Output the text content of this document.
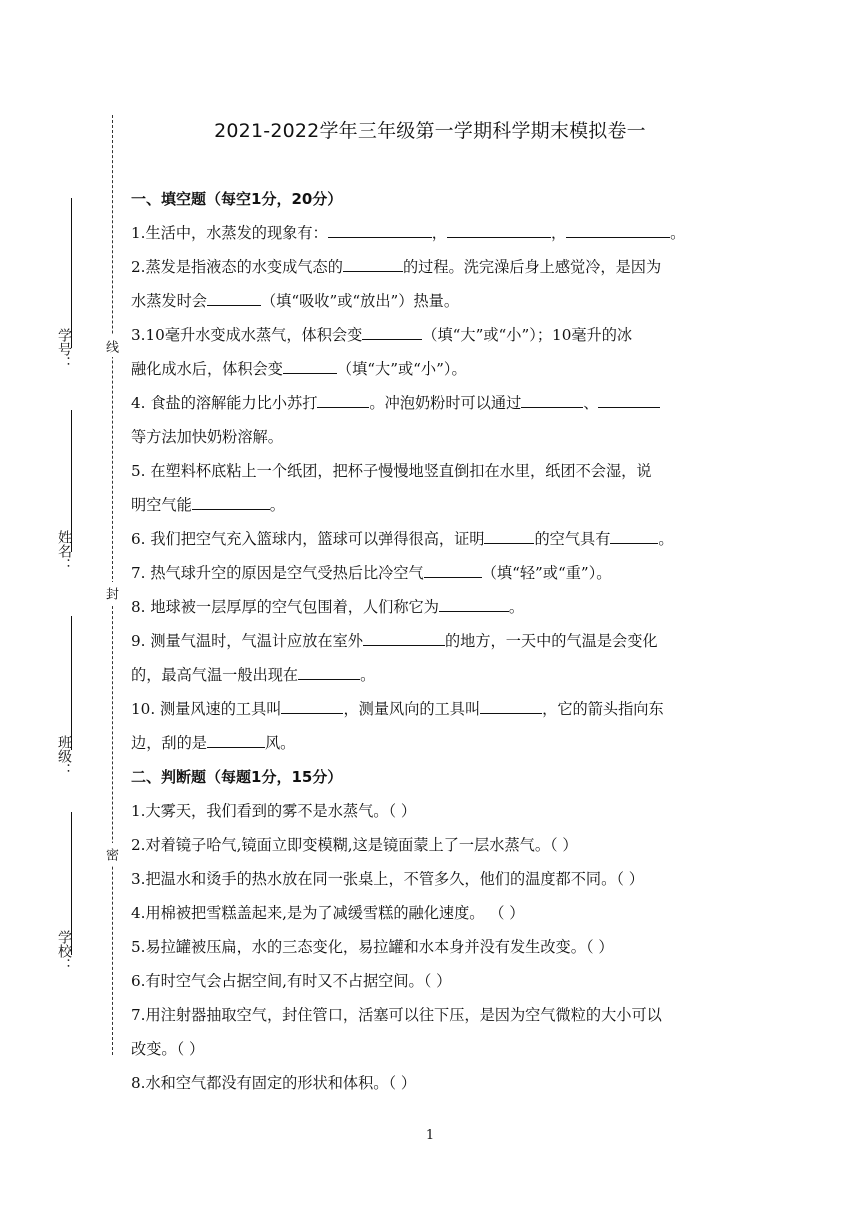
2021-2022学年三年级第一学期科学期末模拟卷一
线
封
密
学号：
姓名：
班级：
学校：
一、填空题（每空1分，20分）
1.生活中，水蒸发的现象有：	，	，	。
2.蒸发是指液态的水变成气态的	的过程。洗完澡后身上感觉冷，是因为
水蒸发时会	（填“吸收”或“放出”）热量。
3.10毫升水变成水蒸气，体积会变	（填“大”或“小”）；10毫升的冰
融化成水后，体积会变	（填“大”或“小”）。
4. 食盐的溶解能力比小苏打	。冲泡奶粉时可以通过	、
等方法加快奶粉溶解。
5. 在塑料杯底粘上一个纸团，把杯子慢慢地竖直倒扣在水里，纸团不会湿，说
明空气能	。
6. 我们把空气充入篮球内，篮球可以弹得很高，证明	的空气具有	。
7. 热气球升空的原因是空气受热后比冷空气	（填“轻”或“重”）。
8. 地球被一层厚厚的空气包围着，人们称它为	。
9. 测量气温时，气温计应放在室外	的地方，一天中的气温是会变化
的，最高气温一般出现在	。
10. 测量风速的工具叫	，测量风向的工具叫	，它的箭头指向东
边，刮的是	风。
二、判断题（每题1分，15分）
1.大雾天，我们看到的雾不是水蒸气。（ ）
2.对着镜子哈气,镜面立即变模糊,这是镜面蒙上了一层水蒸气。（ ）
3.把温水和烫手的热水放在同一张桌上，不管多久，他们的温度都不同。（ ）
4.用棉被把雪糕盖起来,是为了减缓雪糕的融化速度。 （ ）
5.易拉罐被压扁，水的三态变化，易拉罐和水本身并没有发生改变。（ ）
6.有时空气会占据空间,有时又不占据空间。（ ）
7.用注射器抽取空气，封住管口，活塞可以往下压，是因为空气微粒的大小可以
改变。（ ）
8.水和空气都没有固定的形状和体积。（ ）
1
